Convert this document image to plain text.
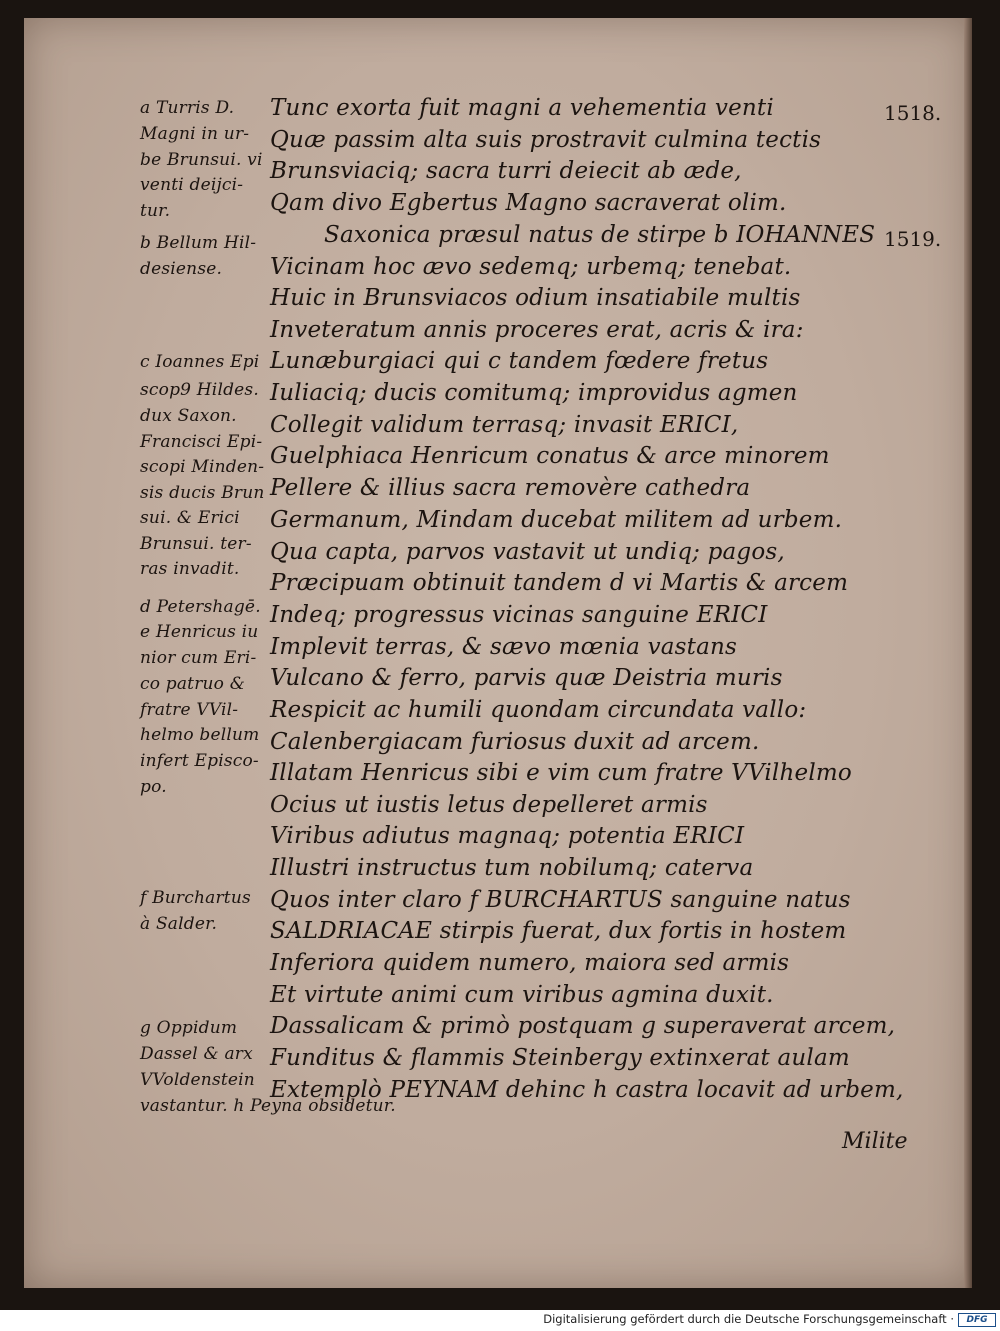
Tunc exorta fuit magni a vehementia venti
Quæ passim alta suis prostravit culmina tectis
Brunsviaciq; sacra turri deiecit ab æde,
Qam divo Egbertus Magno sacraverat olim.
Saxonica præsul natus de stirpe b IOHANNES
Vicinam hoc ævo sedemq; urbemq; tenebat.
Huic in Brunsviacos odium insatiabile multis
Inveteratum annis proceres erat, acris & ira:
Lunæburgiaci qui c tandem fœdere fretus
Iuliaciq; ducis comitumq; improvidus agmen
Collegit validum terrasq; invasit ERICI,
Guelphiaca Henricum conatus & arce minorem
Pellere & illius sacra removère cathedra
Germanum, Mindam ducebat militem ad urbem.
Qua capta, parvos vastavit ut undiq; pagos,
Præcipuam obtinuit tandem d vi Martis & arcem
Indeq; progressus vicinas sanguine ERICI
Implevit terras, & sævo mœnia vastans
Vulcano & ferro, parvis quæ Deistria muris
Respicit ac humili quondam circundata vallo:
Calenbergiacam furiosus duxit ad arcem.
Illatam Henricus sibi e vim cum fratre VVilhelmo
Ocius ut iustis letus depelleret armis
Viribus adiutus magnaq; potentia ERICI
Illustri instructus tum nobilumq; caterva
Quos inter claro f BURCHARTUS sanguine natus
SALDRIACAE stirpis fuerat, dux fortis in hostem
Inferiora quidem numero, maiora sed armis
Et virtute animi cum viribus agmina duxit.
Dassalicam & primò postquam g superaverat arcem,
Funditus & flammis Steinbergy extinxerat aulam
Extemplò PEYNAM dehinc h castra locavit ad urbem,
a Turris D.
Magni in ur-
be Brunsui. vi
venti deijci-
tur.
b Bellum Hil-
desiense.
c Ioannes Epi
scop9 Hildes.
dux Saxon.
Francisci Epi-
scopi Minden-
sis ducis Brun
sui. & Erici
Brunsui. ter-
ras invadit.
d Petershagē.
e Henricus iu
nior cum Eri-
co patruo &
fratre VVil-
helmo bellum
infert Episco-
po.
f Burchartus
à Salder.
g Oppidum
Dassel & arx
VVoldenstein
vastantur. h Peyna obsidetur.
1518.
1519.
Milite
Digitalisierung gefördert durch die Deutsche Forschungsgemeinschaft ·	DFG
